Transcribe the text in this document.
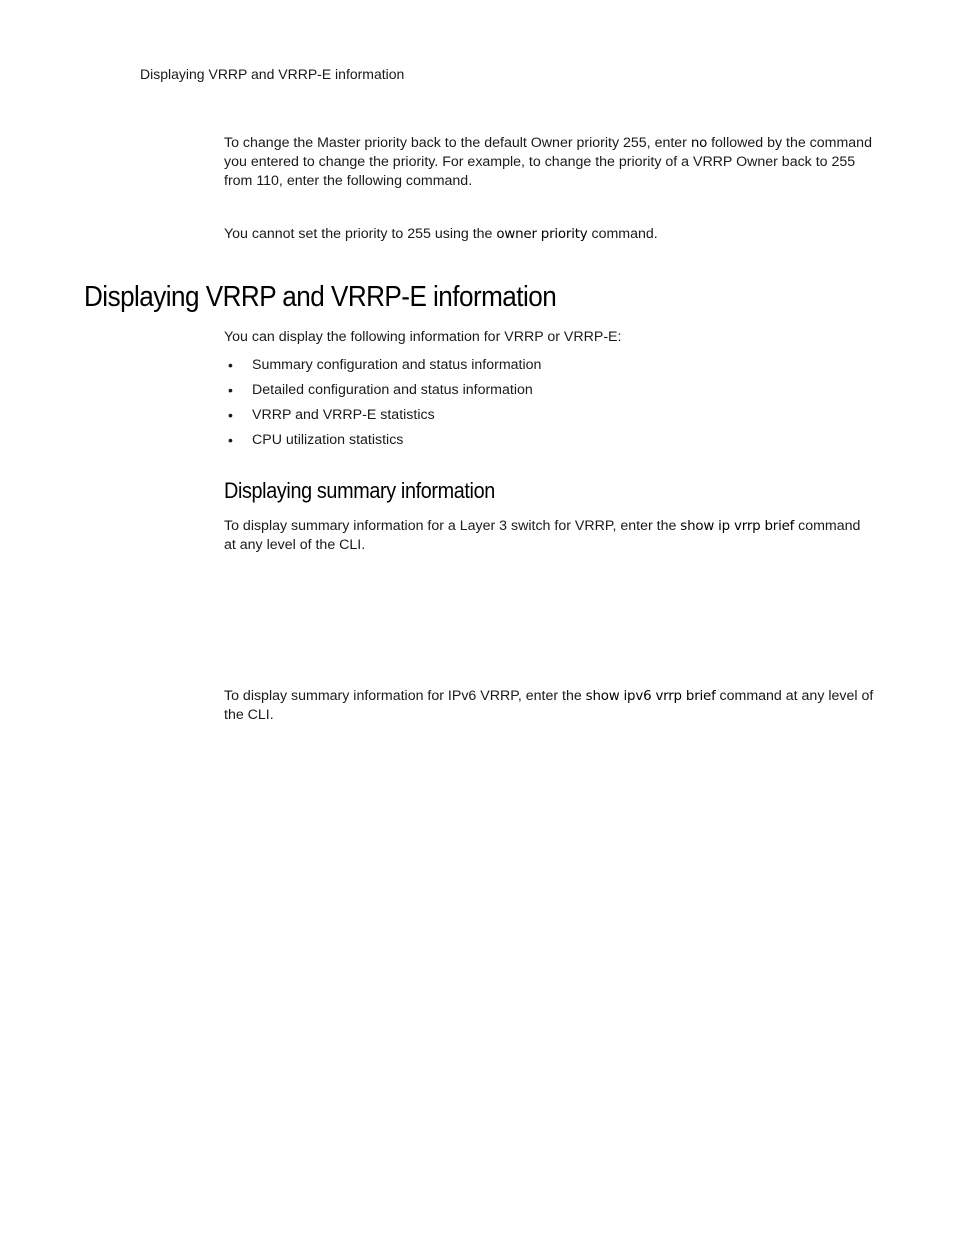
Displaying VRRP and VRRP-E information

To change the Master priority back to the default Owner priority 255, enter no followed by the command you entered to change the priority. For example, to change the priority of a VRRP Owner back to 255 from 110, enter the following command.

You cannot set the priority to 255 using the owner priority command.

Displaying VRRP and VRRP-E information

You can display the following information for VRRP or VRRP-E:

• Summary configuration and status information
• Detailed configuration and status information
• VRRP and VRRP-E statistics
• CPU utilization statistics
Displaying summary information

To display summary information for a Layer 3 switch for VRRP, enter the show ip vrrp brief command at any level of the CLI.

To display summary information for IPv6 VRRP, enter the show ipv6 vrrp brief command at any level of the CLI.
